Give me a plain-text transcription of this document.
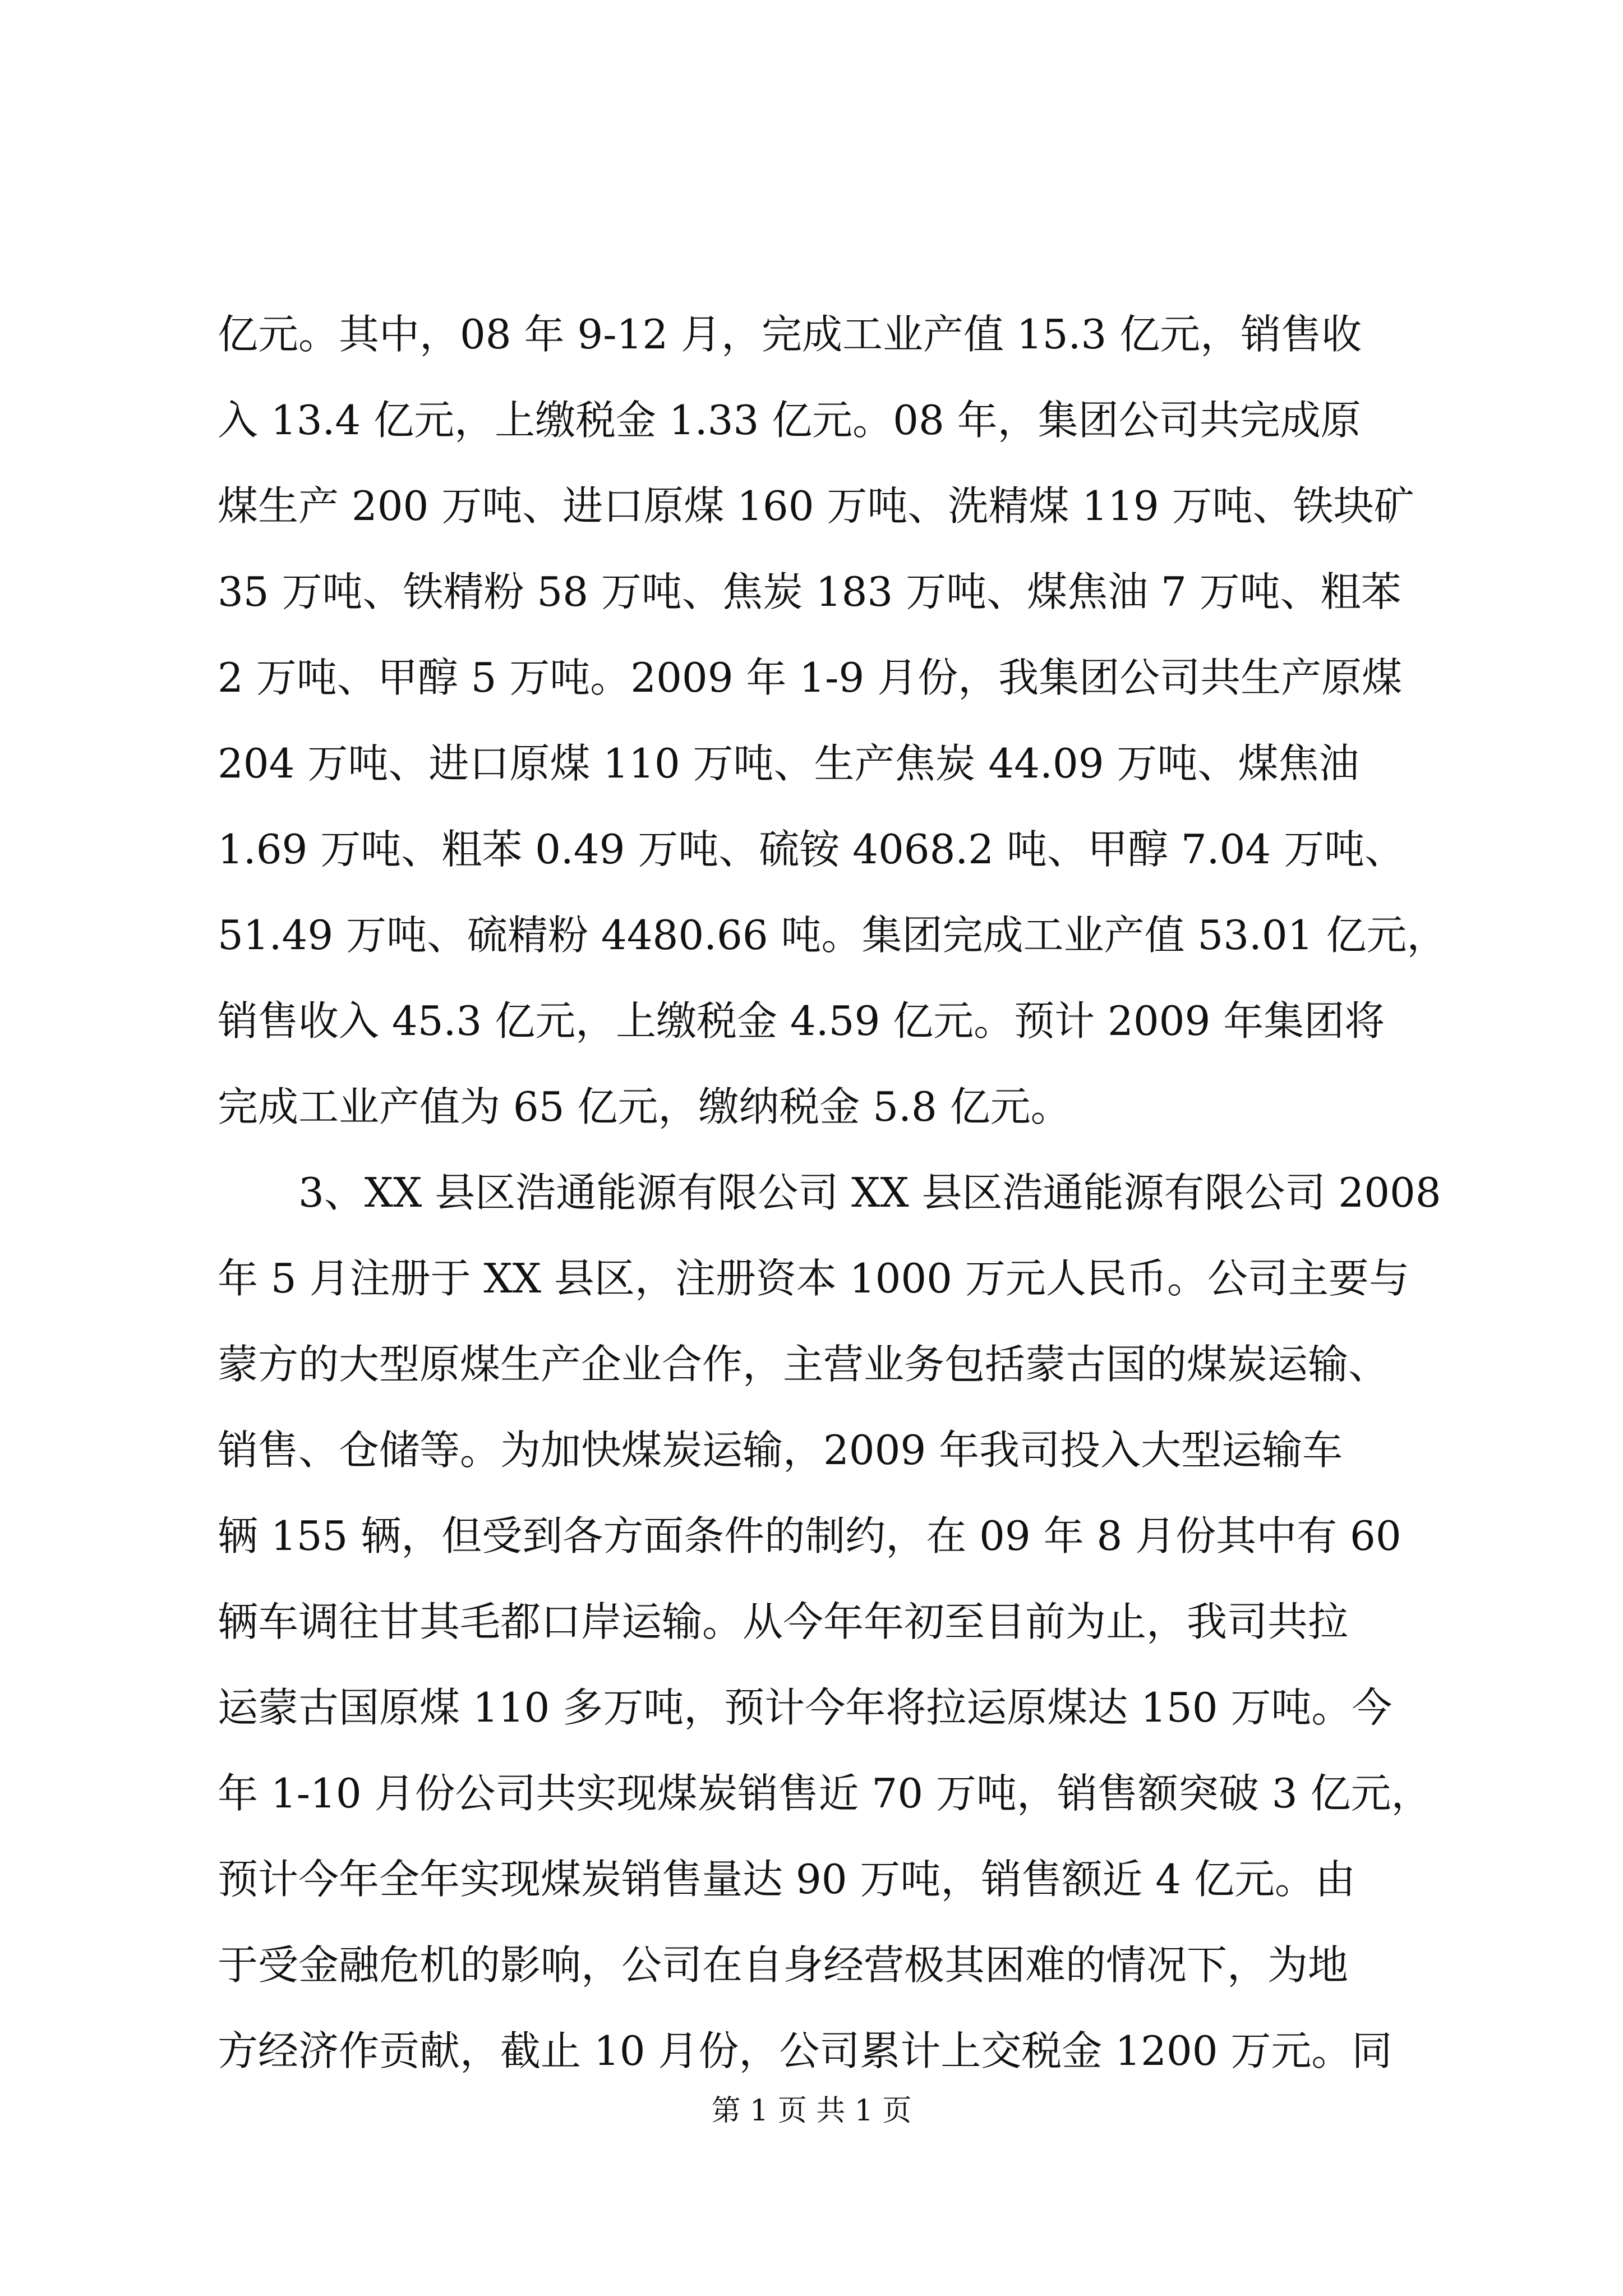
亿元。其中，08 年 9-12 月，完成工业产值 15.3 亿元，销售收
入 13.4 亿元，上缴税金 1.33 亿元。08 年，集团公司共完成原
煤生产 200 万吨、进口原煤 160 万吨、洗精煤 119 万吨、铁块矿
35 万吨、铁精粉 58 万吨、焦炭 183 万吨、煤焦油 7 万吨、粗苯
2 万吨、甲醇 5 万吨。2009 年 1-9 月份，我集团公司共生产原煤
204 万吨、进口原煤 110 万吨、生产焦炭 44.09 万吨、煤焦油
1.69 万吨、粗苯 0.49 万吨、硫铵 4068.2 吨、甲醇 7.04 万吨、
51.49 万吨、硫精粉 4480.66 吨。集团完成工业产值 53.01 亿元，
销售收入 45.3 亿元，上缴税金 4.59 亿元。预计 2009 年集团将
完成工业产值为 65 亿元，缴纳税金 5.8 亿元。
　　3、XX 县区浩通能源有限公司 XX 县区浩通能源有限公司 2008
年 5 月注册于 XX 县区，注册资本 1000 万元人民币。公司主要与
蒙方的大型原煤生产企业合作，主营业务包括蒙古国的煤炭运输、
销售、仓储等。为加快煤炭运输，2009 年我司投入大型运输车
辆 155 辆，但受到各方面条件的制约，在 09 年 8 月份其中有 60
辆车调往甘其毛都口岸运输。从今年年初至目前为止，我司共拉
运蒙古国原煤 110 多万吨，预计今年将拉运原煤达 150 万吨。今
年 1-10 月份公司共实现煤炭销售近 70 万吨，销售额突破 3 亿元，
预计今年全年实现煤炭销售量达 90 万吨，销售额近 4 亿元。由
于受金融危机的影响，公司在自身经营极其困难的情况下，为地
方经济作贡献，截止 10 月份，公司累计上交税金 1200 万元。同
第 1 页 共 1 页
